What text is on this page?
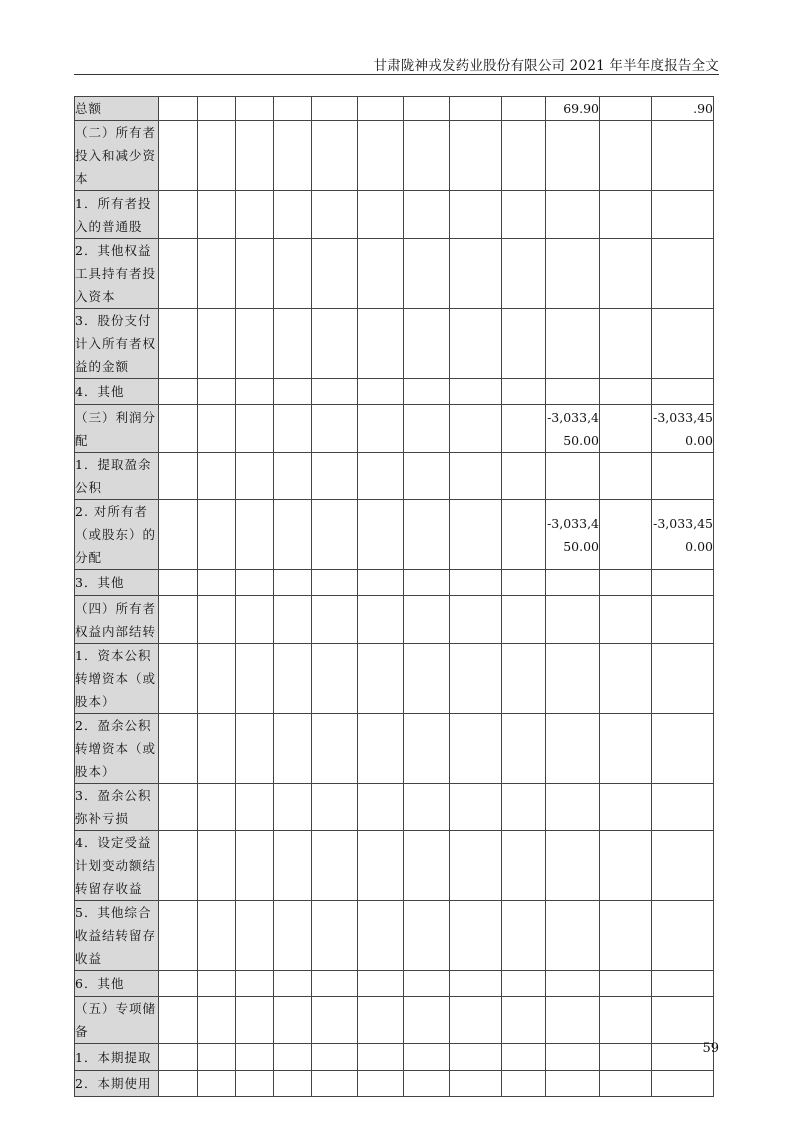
甘肃陇神戎发药业股份有限公司 2021 年半年度报告全文
总额										69.90		.90
（二）所有者投入和减少资本												
1．所有者投入的普通股												
2．其他权益工具持有者投入资本												
3．股份支付计入所有者权益的金额												
4．其他												
（三）利润分配										-3,033,450.00		-3,033,450.00
1．提取盈余公积												
2. 对所有者（或股东）的分配										-3,033,450.00		-3,033,450.00
3．其他												
（四）所有者权益内部结转												
1．资本公积转增资本（或股本）												
2．盈余公积转增资本（或股本）												
3．盈余公积弥补亏损												
4．设定受益计划变动额结转留存收益												
5．其他综合收益结转留存收益												
6．其他												
（五）专项储备												
1．本期提取												
2．本期使用												
59
